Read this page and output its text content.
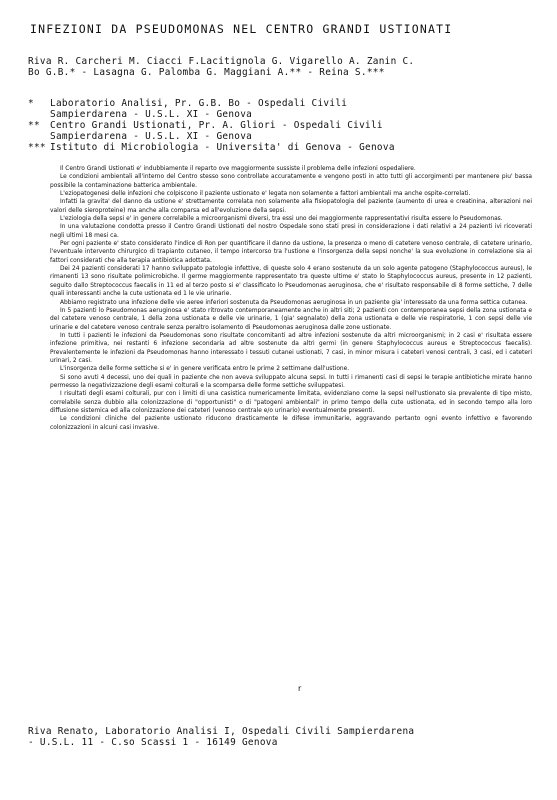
INFEZIONI DA PSEUDOMONAS NEL CENTRO GRANDI USTIONATI
Riva R. Carcheri M. Ciacci F.Lacitignola G. Vigarello A. Zanin C.
Bo G.B.* - Lasagna G. Palomba G. Maggiani A.** - Reina S.***
*	Laboratorio Analisi, Pr. G.B. Bo - Ospedali Civili
Sampierdarena - U.S.L. XI - Genova
**	Centro Grandi Ustionati, Pr. A. Gliori - Ospedali Civili
Sampierdarena - U.S.L. XI - Genova
*** Istituto di Microbiologia - Universita' di Genova - Genova

Il Centro Grandi Ustionati e' indubbiamente il reparto ove maggiormente sussiste il problema delle infezioni ospedaliere.

Le condizioni ambientali all'interno del Centro stesso sono controllate accuratamente e vengono posti in atto tutti gli accorgimenti per mantenere piu' bassa possibile la contaminazione batterica ambientale.

L'eziopatogenesi delle infezioni che colpiscono il paziente ustionato e' legata non solamente a fattori ambientali ma anche ospite-correlati.

Infatti la gravita' del danno da ustione e' strettamente correlata non solamente alla fisiopatologia del paziente (aumento di urea e creatinina, alterazioni nei valori delle sieroproteine) ma anche alla comparsa ed all'evoluzione della sepsi.

L'eziologia della sepsi e' in genere correlabile a microorganismi diversi, tra essi uno dei maggiormente rappresentativi risulta essere lo Pseudomonas.

In una valutazione condotta presso il Centro Grandi Ustionati del nostro Ospedale sono stati presi in considerazione i dati relativi a 24 pazienti ivi ricoverati negli ultimi 18 mesi ca.

Per ogni paziente e' stato considerato l'indice di Ron per quantificare il danno da ustione, la presenza o meno di catetere venoso centrale, di catetere urinario, l'eventuale intervento chirurgico di trapianto cutaneo, il tempo intercorso tra l'ustione e l'insorgenza della sepsi nonche' la sua evoluzione in correlazione sia ai fattori considerati che alla terapia antibiotica adottata.

Dei 24 pazienti considerati 17 hanno sviluppato patologie infettive, di queste solo 4 erano sostenute da un solo agente patogeno (Staphylococcus aureus), le rimanenti 13 sono risultate polimicrobiche. Il germe maggiormente rappresentato tra queste ultime e' stato lo Staphylococcus aureus, presente in 12 pazienti, seguito dallo Streptococcus faecalis in 11 ed al terzo posto si e' classificato lo Pseudomonas aeruginosa, che e' risultato responsabile di 8 forme settiche, 7 delle quali interessanti anche la cute ustionata ed 1 le vie urinarie.

Abbiamo registrato una infezione delle vie aeree inferiori sostenuta da Pseudomonas aeruginosa in un paziente gia' interessato da una forma settica cutanea.

In 5 pazienti lo Pseudomonas aeruginosa e' stato ritrovato contemporaneamente anche in altri siti; 2 pazienti con contemporanea sepsi della zona ustionata e del catetere venoso centrale, 1 della zona ustionata e delle vie urinarie, 1 (gia' segnalato) della zona ustionata e delle vie respiratorie, 1 con sepsi delle vie urinarie e del catetere venoso centrale senza peraltro isolamento di Pseudomonas aeruginosa dalle zone ustionate.

In tutti i pazienti le infezioni da Pseudomonas sono risultate concomitanti ad altre infezioni sostenute da altri microorganismi; in 2 casi e' risultata essere infezione primitiva, nei restanti 6 infezione secondaria ad altre sostenute da altri germi (in genere Staphylococcus aureus e Streptococcus faecalis). Prevalentemente le infezioni da Pseudomonas hanno interessato i tessuti cutanei ustionati, 7 casi, in minor misura i cateteri venosi centrali, 3 casi, ed i cateteri urinari, 2 casi.

L'insorgenza delle forme settiche si e' in genere verificata entro le prime 2 settimane dall'ustione.

Si sono avuti 4 decessi, uno dei quali in paziente che non aveva sviluppato alcuna sepsi. In tutti i rimanenti casi di sepsi le terapie antibiotiche mirate hanno permesso la negativizzazione degli esami colturali e la scomparsa delle forme settiche sviluppatesi.

I risultati degli esami colturali, pur con i limiti di una casistica numericamente limitata, evidenziano come la sepsi nell'ustionato sia prevalente di tipo misto, correlabile senza dubbio alla colonizzazione di "opportunisti" o di "patogeni ambientali" in primo tempo della cute ustionata, ed in secondo tempo alla loro diffusione sistemica ed alla colonizzazione dei cateteri (venoso centrale e/o urinario) eventualmente presenti.

Le condizioni cliniche del paziente ustionato riducono drasticamente le difese immunitarie, aggravando pertanto ogni evento infettivo e favorendo colonizzazioni in alcuni casi invasive.

r
Riva Renato, Laboratorio Analisi I, Ospedali Civili Sampierdarena
- U.S.L. 11 - C.so Scassi 1 - 16149 Genova
